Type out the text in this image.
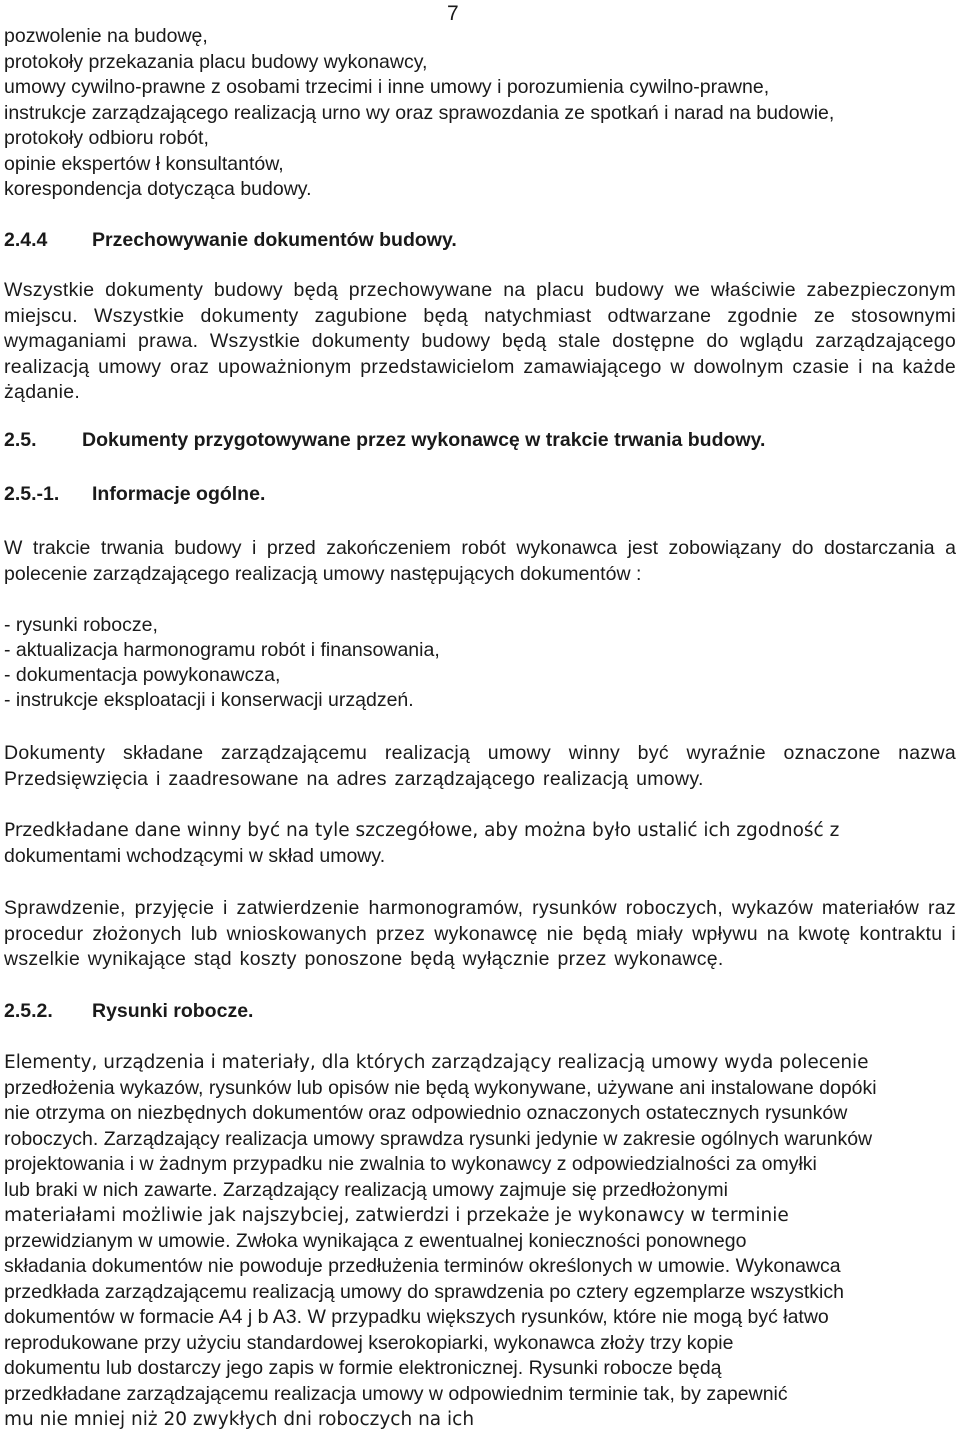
7
pozwolenie na budowę,
protokoły przekazania placu budowy wykonawcy,
umowy cywilno-prawne z osobami trzecimi i inne umowy i porozumienia cywilno-prawne,
instrukcje zarządzającego realizacją urno wy oraz sprawozdania ze spotkań i narad na budowie,
protokoły odbioru robót,
opinie ekspertów ł konsultantów,
korespondencja dotycząca budowy.
2.4.4 Przechowywanie dokumentów budowy.
Wszystkie dokumenty budowy będą przechowywane na placu budowy we właściwie zabezpieczonym miejscu. Wszystkie dokumenty zagubione będą natychmiast odtwarzane zgodnie ze stosownymi wymaganiami prawa. Wszystkie dokumenty budowy będą stale dostępne do wglądu zarządzającego realizacją umowy oraz upoważnionym przedstawicielom zamawiającego w dowolnym czasie i na każde żądanie.
2.5. Dokumenty przygotowywane przez wykonawcę w trakcie trwania budowy.
2.5.-1. Informacje ogólne.
W trakcie trwania budowy i przed zakończeniem robót wykonawca jest zobowiązany do dostarczania a polecenie zarządzającego realizacją umowy następujących dokumentów :
- rysunki robocze,
- aktualizacja harmonogramu robót i finansowania,
- dokumentacja powykonawcza,
- instrukcje eksploatacji i konserwacji urządzeń.
Dokumenty składane zarządzającemu realizacją umowy winny być wyraźnie oznaczone nazwa Przedsięwzięcia i zaadresowane na adres zarządzającego realizacją umowy.
Przedkładane dane winny być na tyle szczegółowe, aby można było ustalić ich zgodność z
dokumentami wchodzącymi w skład umowy.
Sprawdzenie, przyjęcie i zatwierdzenie harmonogramów, rysunków roboczych, wykazów materiałów raz procedur złożonych lub wnioskowanych przez wykonawcę nie będą miały wpływu na kwotę kontraktu i wszelkie wynikające stąd koszty ponoszone będą wyłącznie przez wykonawcę.
2.5.2. Rysunki robocze.
Elementy, urządzenia i materiały, dla których zarządzający realizacją umowy wyda polecenie
przedłożenia wykazów, rysunków lub opisów nie będą wykonywane, używane ani instalowane dopóki
nie otrzyma on niezbędnych dokumentów oraz odpowiednio oznaczonych ostatecznych rysunków
roboczych. Zarządzający realizacja umowy sprawdza rysunki jedynie w zakresie ogólnych warunków
projektowania i w żadnym przypadku nie zwalnia to wykonawcy z odpowiedzialności za omyłki
lub braki w nich zawarte. Zarządzający realizacją umowy zajmuje się przedłożonymi
materiałami możliwie jak najszybciej, zatwierdzi i przekaże je wykonawcy w terminie
przewidzianym w umowie. Zwłoka wynikająca z ewentualnej konieczności ponownego
składania dokumentów nie powoduje przedłużenia terminów określonych w umowie. Wykonawca
przedkłada zarządzającemu realizacją umowy do sprawdzenia po cztery egzemplarze wszystkich
dokumentów w formacie A4 j b A3. W przypadku większych rysunków, które nie mogą być łatwo
reprodukowane przy użyciu standardowej kserokopiarki, wykonawca złoży trzy kopie
dokumentu lub dostarczy jego zapis w formie elektronicznej. Rysunki robocze będą
przedkładane zarządzającemu realizacja umowy w odpowiednim terminie tak, by zapewnić
mu nie mniej niż 20 zwykłych dni roboczych na ich
